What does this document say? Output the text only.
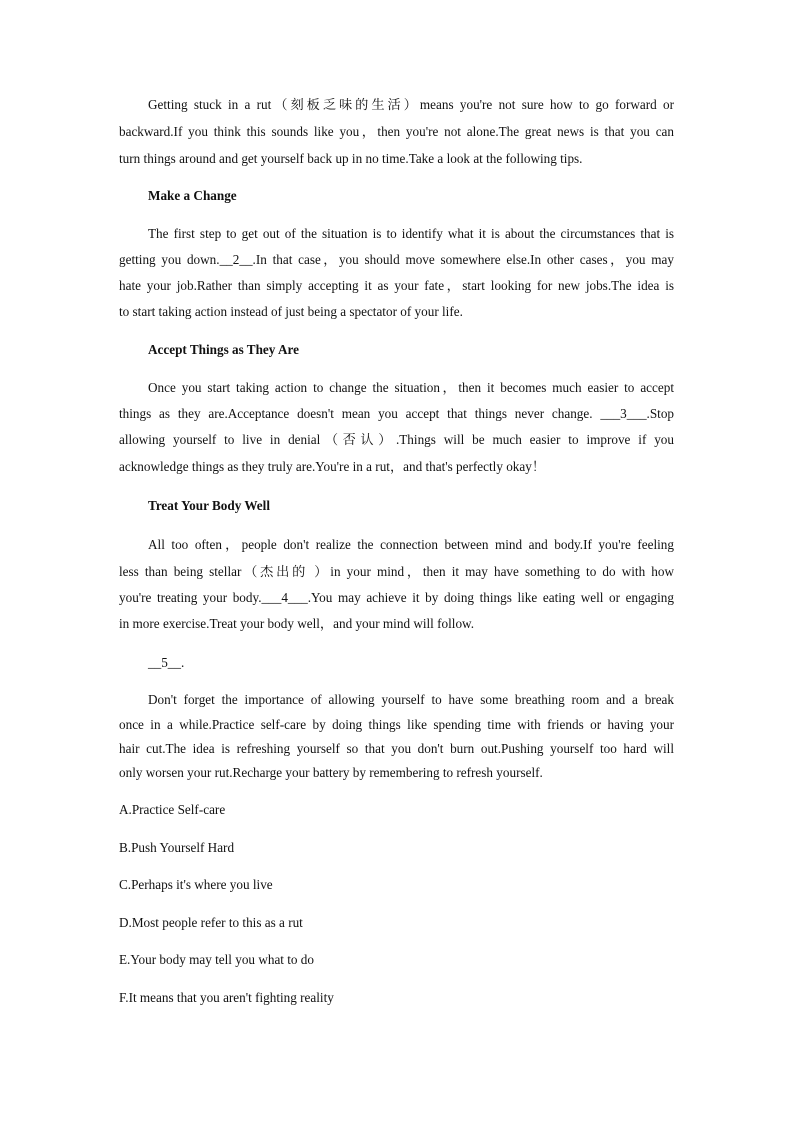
Getting stuck in a rut（刻板乏味的生活）means you're not sure how to go forward or
backward.If you think this sounds like you，then you're not alone.The great news is that you can
turn things around and get yourself back up in no time.Take a look at the following tips.
Make a Change
The first step to get out of the situation is to identify what it is about the circumstances that is
getting you down.__2__.In that case，you should move somewhere else.In other cases，you may
hate your job.Rather than simply accepting it as your fate，start looking for new jobs.The idea is
to start taking action instead of just being a spectator of your life.
Accept Things as They Are
Once you start taking action to change the situation，then it becomes much easier to accept
things as they are.Acceptance doesn't mean you accept that things never change. ___3___.Stop
allowing yourself to live in denial（否认）.Things will be much easier to improve if you
acknowledge things as they truly are.You're in a rut，and that's perfectly okay！
Treat Your Body Well
All too often，people don't realize the connection between mind and body.If you're feeling
less than being stellar（杰出的 ）in your mind，then it may have something to do with how
you're treating your body.___4___.You may achieve it by doing things like eating well or engaging
in more exercise.Treat your body well，and your mind will follow.
__5__.
Don't forget the importance of allowing yourself to have some breathing room and a break
once in a while.Practice self-care by doing things like spending time with friends or having your
hair cut.The idea is refreshing yourself so that you don't burn out.Pushing yourself too hard will
only worsen your rut.Recharge your battery by remembering to refresh yourself.
A.Practice Self-care
B.Push Yourself Hard
C.Perhaps it's where you live
D.Most people refer to this as a rut
E.Your body may tell you what to do
F.It means that you aren't fighting reality
